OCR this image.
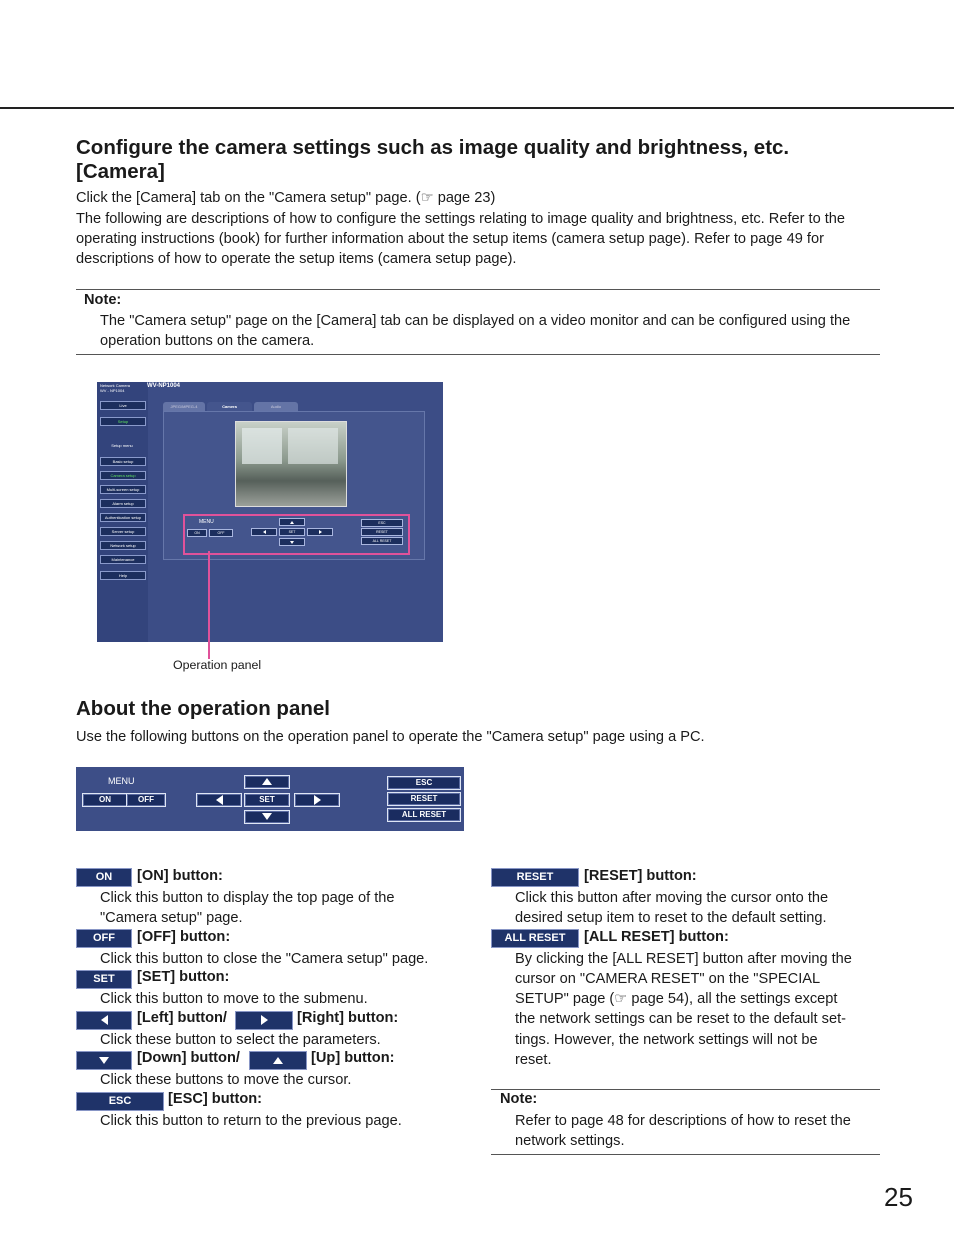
Configure the camera settings such as image quality and brightness, etc.
[Camera]
Click the [Camera] tab on the "Camera setup" page. (☞ page 23)
The following are descriptions of how to configure the settings relating to image quality and brightness, etc. Refer to the operating instructions (book) for further information about the setup items (camera setup page). Refer to page 49 for descriptions of how to operate the setup items (camera setup page).
Note:
The "Camera setup" page on the [Camera] tab can be displayed on a video monitor and can be configured using the operation buttons on the camera.
Network Camera
WV - NP1004
WV-NP1004
Live
Setup
Setup menu
Basic setup
Camera setup
Multi-screen setup
Alarm setup
Authentication setup
Server setup
Network setup
Maintenance
Help
JPEG/MPEG-4	Camera	Audio
MENU
ON	OFF	SET
ESC
RESET
ALL RESET
Operation panel
About the operation panel
Use the following buttons on the operation panel to operate the "Camera setup" page using a PC.
MENU
ON	OFF	SET
ESC
RESET
ALL RESET
ON	[ON] button:
Click this button to display the top page of the
"Camera setup" page.
OFF	[OFF] button:
Click this button to close the "Camera setup" page.
SET	[SET] button:
Click this button to move to the submenu.
[Left] button/	[Right] button:
Click these button to select the parameters.
[Down] button/	[Up] button:
Click these buttons to move the cursor.
ESC	[ESC] button:
Click this button to return to the previous page.
RESET	[RESET] button:
Click this button after moving the cursor onto the
desired setup item to reset to the default setting.
ALL RESET	[ALL RESET] button:
By clicking the [ALL RESET] button after moving the
cursor on "CAMERA RESET" on the "SPECIAL
SETUP" page (☞ page 54), all the settings except
the network settings can be reset to the default set-
tings. However, the network settings will not be
reset.
Note:
Refer to page 48 for descriptions of how to reset the
network settings.
25
